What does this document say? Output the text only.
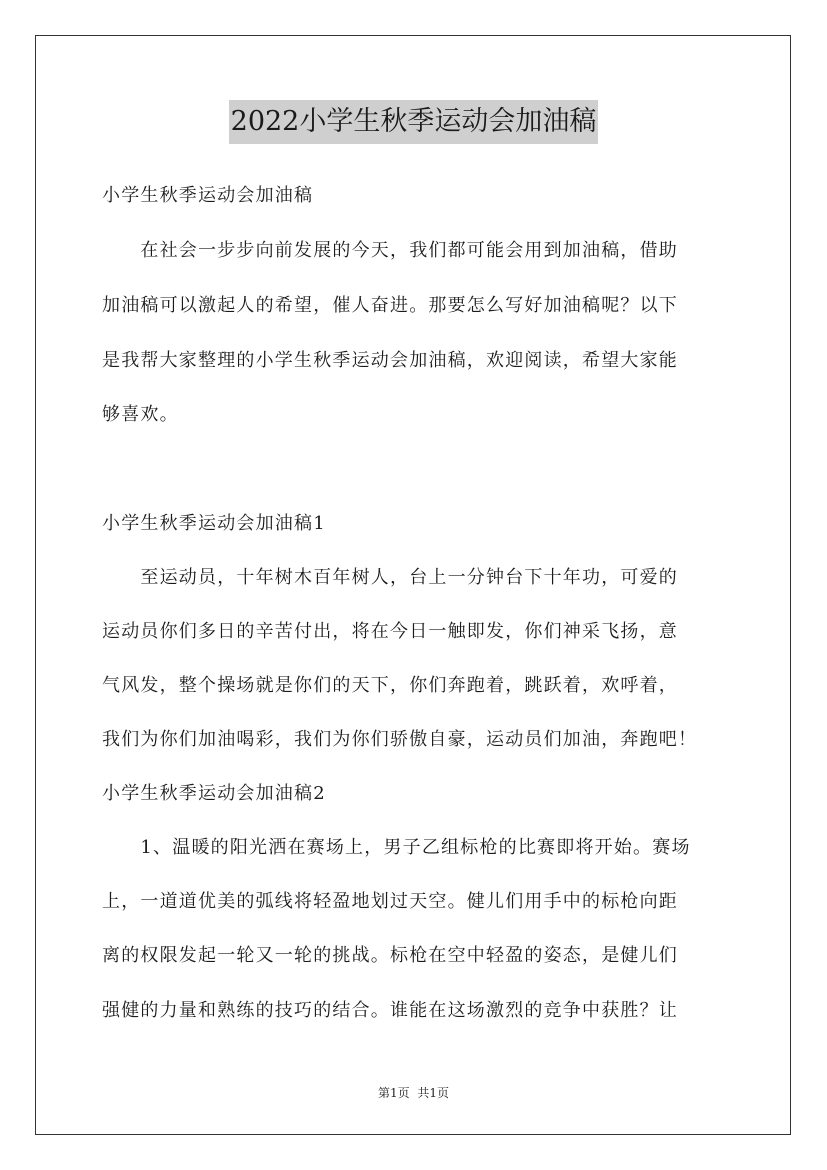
2022小学生秋季运动会加油稿
小学生秋季运动会加油稿
　　在社会一步步向前发展的今天，我们都可能会用到加油稿，借助
加油稿可以激起人的希望，催人奋进。那要怎么写好加油稿呢？以下
是我帮大家整理的小学生秋季运动会加油稿，欢迎阅读，希望大家能
够喜欢。
小学生秋季运动会加油稿1
　　至运动员，十年树木百年树人，台上一分钟台下十年功，可爱的
运动员你们多日的辛苦付出，将在今日一触即发，你们神采飞扬，意
气风发，整个操场就是你们的天下，你们奔跑着，跳跃着，欢呼着，
我们为你们加油喝彩，我们为你们骄傲自豪，运动员们加油，奔跑吧！
小学生秋季运动会加油稿2
　　1、温暖的阳光洒在赛场上，男子乙组标枪的比赛即将开始。赛场
上，一道道优美的弧线将轻盈地划过天空。健儿们用手中的标枪向距
离的权限发起一轮又一轮的挑战。标枪在空中轻盈的姿态，是健儿们
强健的力量和熟练的技巧的结合。谁能在这场激烈的竞争中获胜？让
第1页 共1页
